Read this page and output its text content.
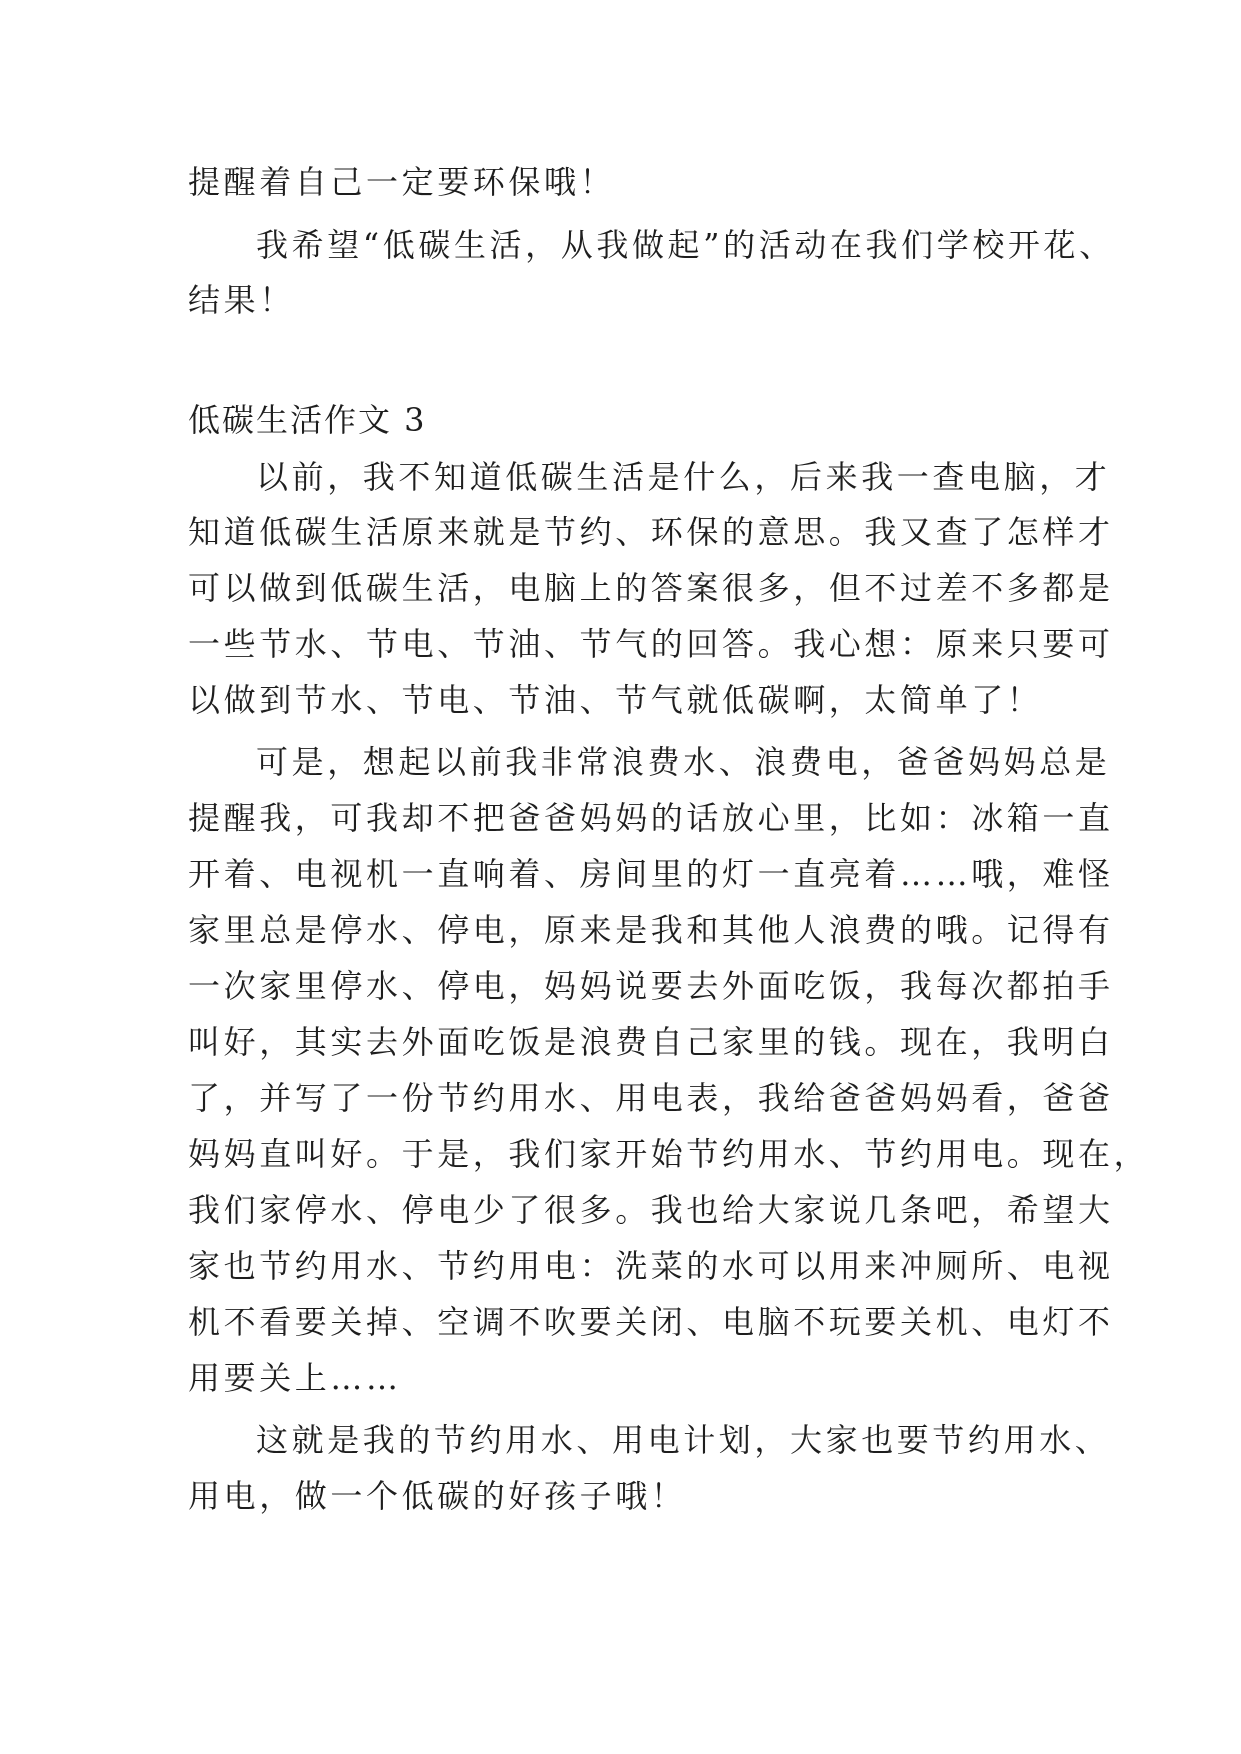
提醒着自己一定要环保哦！
我希望“低碳生活，从我做起”的活动在我们学校开花、
结果！
低碳生活作文 3
以前，我不知道低碳生活是什么，后来我一查电脑，才
知道低碳生活原来就是节约、环保的意思。我又查了怎样才
可以做到低碳生活，电脑上的答案很多，但不过差不多都是
一些节水、节电、节油、节气的回答。我心想：原来只要可
以做到节水、节电、节油、节气就低碳啊，太简单了！
可是，想起以前我非常浪费水、浪费电，爸爸妈妈总是
提醒我，可我却不把爸爸妈妈的话放心里，比如：冰箱一直
开着、电视机一直响着、房间里的灯一直亮着……哦，难怪
家里总是停水、停电，原来是我和其他人浪费的哦。记得有
一次家里停水、停电，妈妈说要去外面吃饭，我每次都拍手
叫好，其实去外面吃饭是浪费自己家里的钱。现在，我明白
了，并写了一份节约用水、用电表，我给爸爸妈妈看，爸爸
妈妈直叫好。于是，我们家开始节约用水、节约用电。现在，
我们家停水、停电少了很多。我也给大家说几条吧，希望大
家也节约用水、节约用电：洗菜的水可以用来冲厕所、电视
机不看要关掉、空调不吹要关闭、电脑不玩要关机、电灯不
用要关上……
这就是我的节约用水、用电计划，大家也要节约用水、
用电，做一个低碳的好孩子哦！
